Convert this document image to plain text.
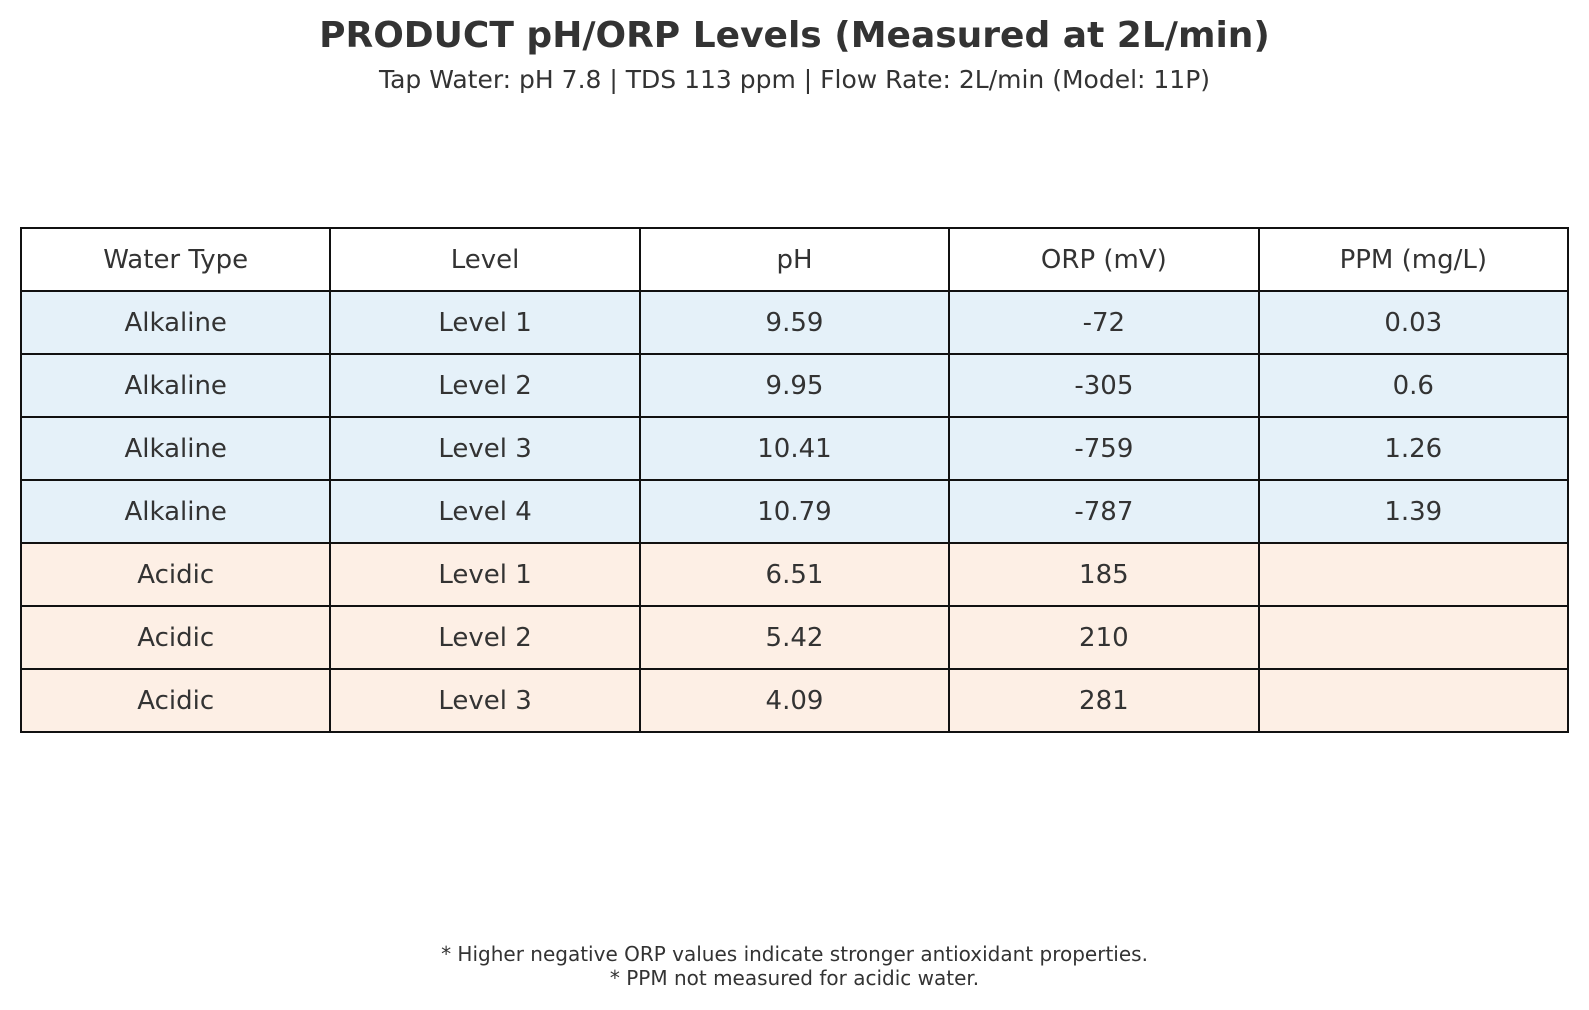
PRODUCT pH/ORP Levels (Measured at 2L/min)
Tap Water: pH 7.8 | TDS 113 ppm | Flow Rate: 2L/min (Model: 11P)
Water Type	Level	pH	ORP (mV)	PPM (mg/L)
Alkaline	Level 1	9.59	-72	0.03
Alkaline	Level 2	9.95	-305	0.6
Alkaline	Level 3	10.41	-759	1.26
Alkaline	Level 4	10.79	-787	1.39
Acidic	Level 1	6.51	185	
Acidic	Level 2	5.42	210	
Acidic	Level 3	4.09	281	
* Higher negative ORP values indicate stronger antioxidant properties.
* PPM not measured for acidic water.
